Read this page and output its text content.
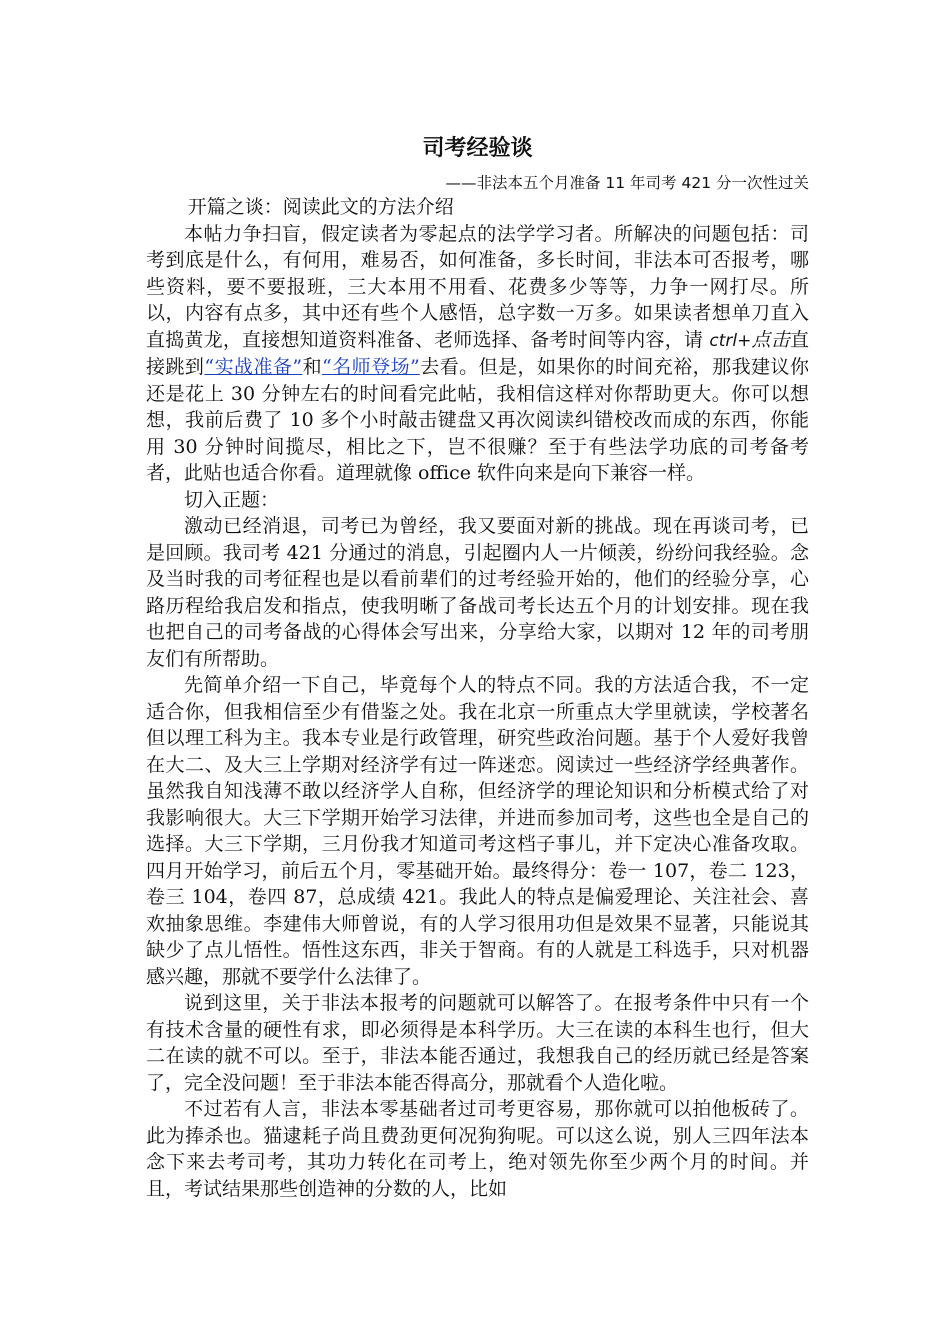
司考经验谈
——非法本五个月准备 11 年司考 421 分一次性过关

开篇之谈：阅读此文的方法介绍

本帖力争扫盲，假定读者为零起点的法学学习者。所解决的问题包括：司考到底是什么，有何用，难易否，如何准备，多长时间，非法本可否报考，哪些资料，要不要报班，三大本用不用看、花费多少等等，力争一网打尽。所以，内容有点多，其中还有些个人感悟，总字数一万多。如果读者想单刀直入直捣黄龙，直接想知道资料准备、老师选择、备考时间等内容，请 ctrl+点击直接跳到“实战准备”和“名师登场”去看。但是，如果你的时间充裕，那我建议你还是花上 30 分钟左右的时间看完此帖，我相信这样对你帮助更大。你可以想想，我前后费了 10 多个小时敲击键盘又再次阅读纠错校改而成的东西，你能用 30 分钟时间揽尽，相比之下，岂不很赚？至于有些法学功底的司考备考者，此贴也适合你看。道理就像 office 软件向来是向下兼容一样。

切入正题：

激动已经消退，司考已为曾经，我又要面对新的挑战。现在再谈司考，已是回顾。我司考 421 分通过的消息，引起圈内人一片倾羡，纷纷问我经验。念及当时我的司考征程也是以看前辈们的过考经验开始的，他们的经验分享，心路历程给我启发和指点，使我明晰了备战司考长达五个月的计划安排。现在我也把自己的司考备战的心得体会写出来，分享给大家，以期对 12 年的司考朋友们有所帮助。

先简单介绍一下自己，毕竟每个人的特点不同。我的方法适合我，不一定适合你，但我相信至少有借鉴之处。我在北京一所重点大学里就读，学校著名但以理工科为主。我本专业是行政管理，研究些政治问题。基于个人爱好我曾在大二、及大三上学期对经济学有过一阵迷恋。阅读过一些经济学经典著作。虽然我自知浅薄不敢以经济学人自称，但经济学的理论知识和分析模式给了对我影响很大。大三下学期开始学习法律，并进而参加司考，这些也全是自己的选择。大三下学期，三月份我才知道司考这档子事儿，并下定决心准备攻取。四月开始学习，前后五个月，零基础开始。最终得分：卷一 107，卷二 123，卷三 104，卷四 87，总成绩 421。我此人的特点是偏爱理论、关注社会、喜欢抽象思维。李建伟大师曾说，有的人学习很用功但是效果不显著，只能说其缺少了点儿悟性。悟性这东西，非关于智商。有的人就是工科选手，只对机器感兴趣，那就不要学什么法律了。

说到这里，关于非法本报考的问题就可以解答了。在报考条件中只有一个有技术含量的硬性有求，即必须得是本科学历。大三在读的本科生也行，但大二在读的就不可以。至于，非法本能否通过，我想我自己的经历就已经是答案了，完全没问题！至于非法本能否得高分，那就看个人造化啦。

不过若有人言，非法本零基础者过司考更容易，那你就可以拍他板砖了。此为捧杀也。猫逮耗子尚且费劲更何况狗狗呢。可以这么说，别人三四年法本念下来去考司考，其功力转化在司考上，绝对领先你至少两个月的时间。并且，考试结果那些创造神的分数的人，比如
